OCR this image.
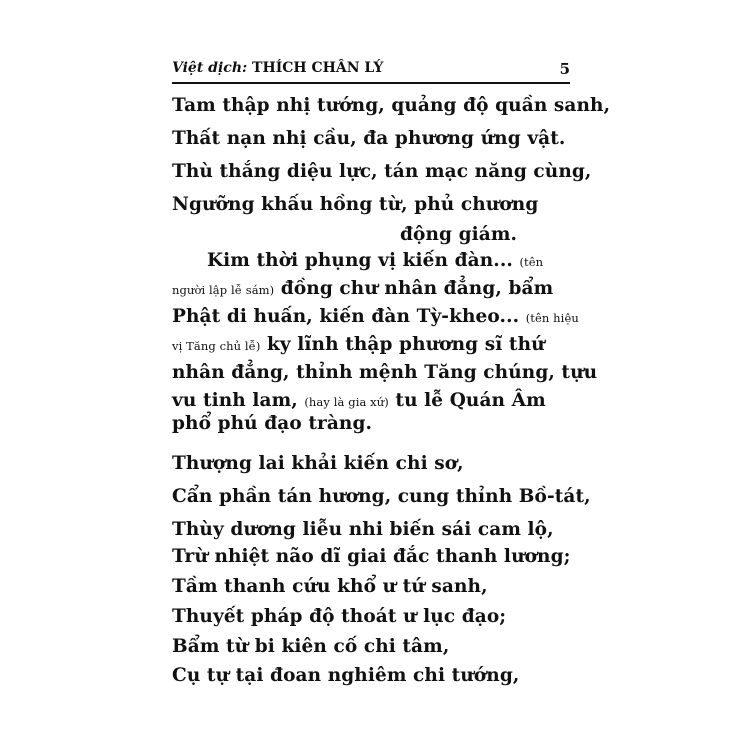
Việt dịch: THÍCH CHÂN LÝ	5
Tam thập nhị tướng, quảng độ quần sanh,
Thất nạn nhị cầu, đa phương ứng vật.
Thù thắng diệu lực, tán mạc năng cùng,
Ngưỡng khấu hồng từ, phủ chương
động giám.
Kim thời phụng vị kiến đàn... (tên
người lập lễ sám) đồng chư nhân đẳng, bẩm
Phật di huấn, kiến đàn Tỳ-kheo... (tên hiệu
vị Tăng chủ lễ) ky lĩnh thập phương sĩ thứ
nhân đẳng, thỉnh mệnh Tăng chúng, tựu
vu tinh lam, (hay là gia xứ) tu lễ Quán Âm
phổ phú đạo tràng.
Thượng lai khải kiến chi sơ,
Cẩn phần tán hương, cung thỉnh Bồ-tát,
Thùy dương liễu nhi biến sái cam lộ,
Trừ nhiệt não dĩ giai đắc thanh lương;
Tầm thanh cứu khổ ư tứ sanh,
Thuyết pháp độ thoát ư lục đạo;
Bẩm từ bi kiên cố chi tâm,
Cụ tự tại đoan nghiêm chi tướng,
